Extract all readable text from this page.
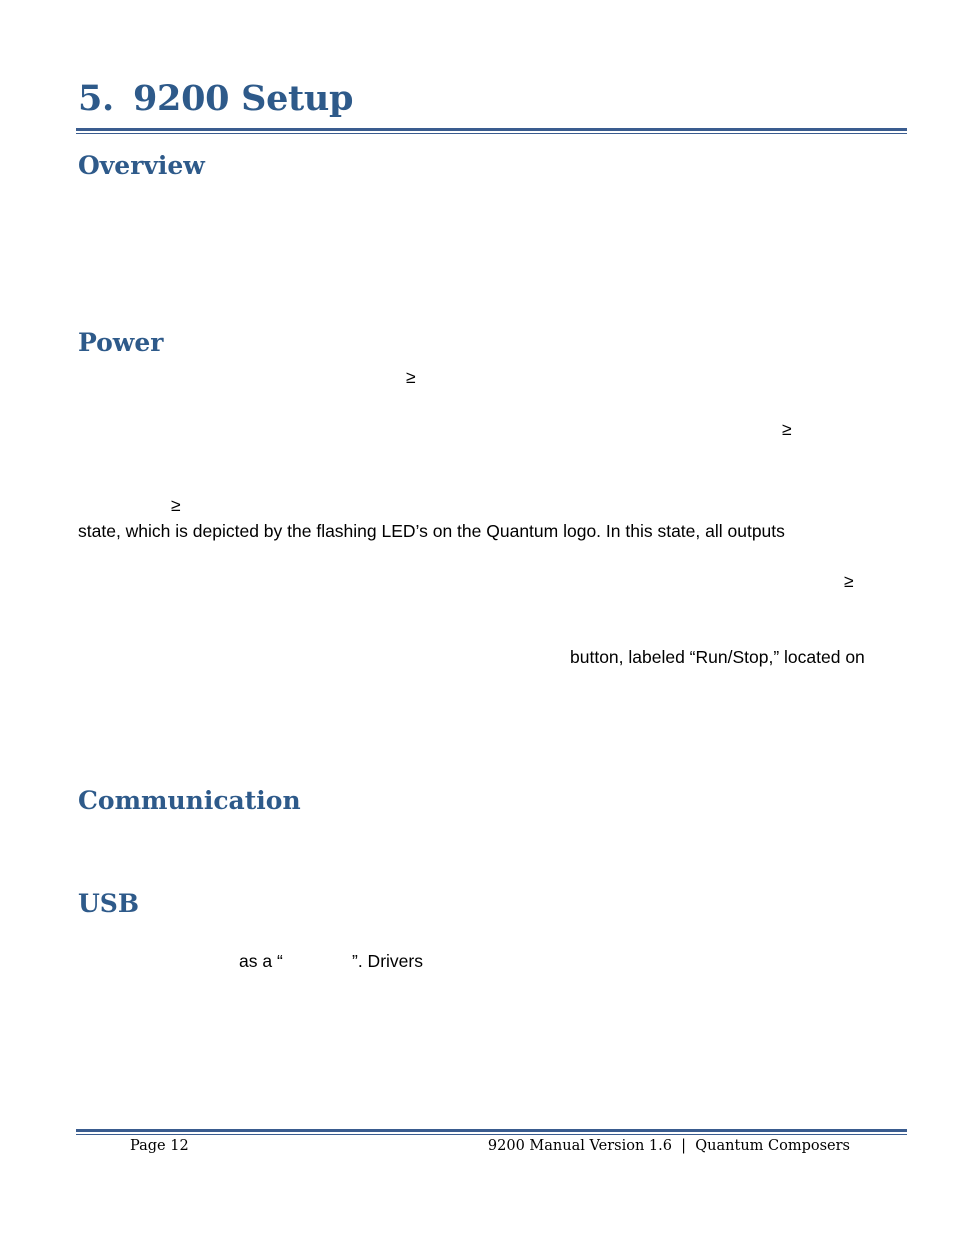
5. 9200 Setup
Overview
Power
≥
≥
≥
state, which is depicted by the flashing LED’s on the Quantum logo. In this state, all outputs
≥
button, labeled “Run/Stop,” located on
Communication
USB
as a “	”. Drivers
Page 12	9200 Manual Version 1.6  |  Quantum Composers
